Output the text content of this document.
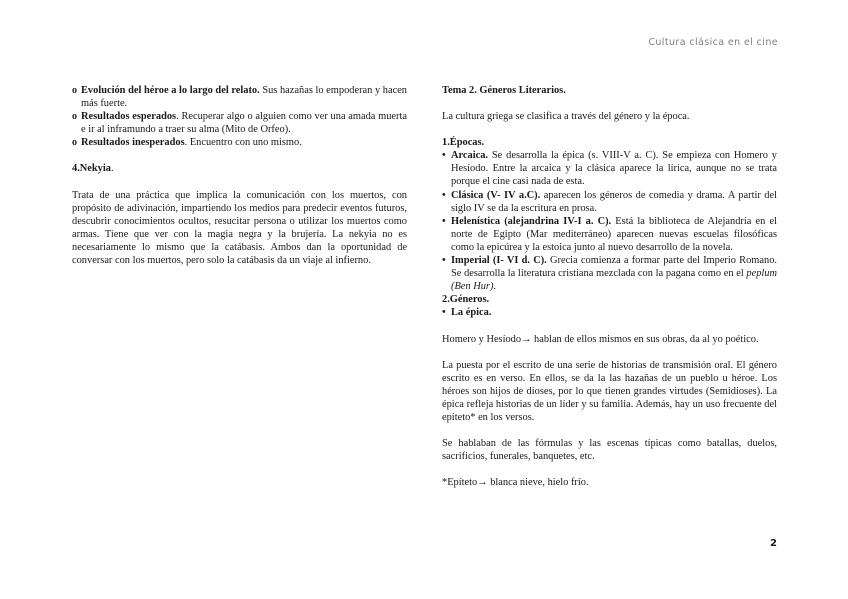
Cultura clásica en el cine

o Evolución del héroe a lo largo del relato. Sus hazañas lo empoderan y hacen más fuerte.

o Resultados esperados. Recuperar algo o alguien como ver una amada muerta e ir al inframundo a traer su alma (Mito de Orfeo).

o Resultados inesperados. Encuentro con uno mismo.

4.Nekyia.

Trata de una práctica que implica la comunicación con los muertos, con propósito de adivinación, impartiendo los medios para predecir eventos futuros, descubrir conocimientos ocultos, resucitar persona o utilizar los muertos como armas. Tiene que ver con la magia negra y la brujería. La nekyia no es necesariamente lo mismo que la catábasis. Ambos dan la oportunidad de conversar con los muertos, pero solo la catábasis da un viaje al infierno.

Tema 2. Géneros Literarios.

La cultura griega se clasifica a través del género y la época.

1.Épocas.

• Arcaica. Se desarrolla la épica (s. VIII-V a. C). Se empieza con Homero y Hesíodo. Entre la arcaica y la clásica aparece la lírica, aunque no se trata porque el cine casi nada de esta.

• Clásica (V- IV a.C). aparecen los géneros de comedia y drama. A partir del siglo IV se da la escritura en prosa.

• Helenística (alejandrina IV-I a. C). Está la biblioteca de Alejandría en el norte de Egipto (Mar mediterráneo) aparecen nuevas escuelas filosóficas como la epicúrea y la estoica junto al nuevo desarrollo de la novela.

• Imperial (I- VI d. C). Grecia comienza a formar parte del Imperio Romano. Se desarrolla la literatura cristiana mezclada con la pagana como en el peplum (Ben Hur).

2.Géneros.

• La épica.

Homero y Hesíodo→ hablan de ellos mismos en sus obras, da al yo poético.

La puesta por el escrito de una serie de historias de transmisión oral. El género escrito es en verso. En ellos, se da la las hazañas de un pueblo u héroe. Los héroes son hijos de dioses, por lo que tienen grandes virtudes (Semidioses). La épica refleja historias de un líder y su familia. Además, hay un uso frecuente del epíteto* en los versos.

Se hablaban de las fórmulas y las escenas típicas como batallas, duelos, sacrificios, funerales, banquetes, etc.

*Epíteto→ blanca nieve, hielo frío.

2
